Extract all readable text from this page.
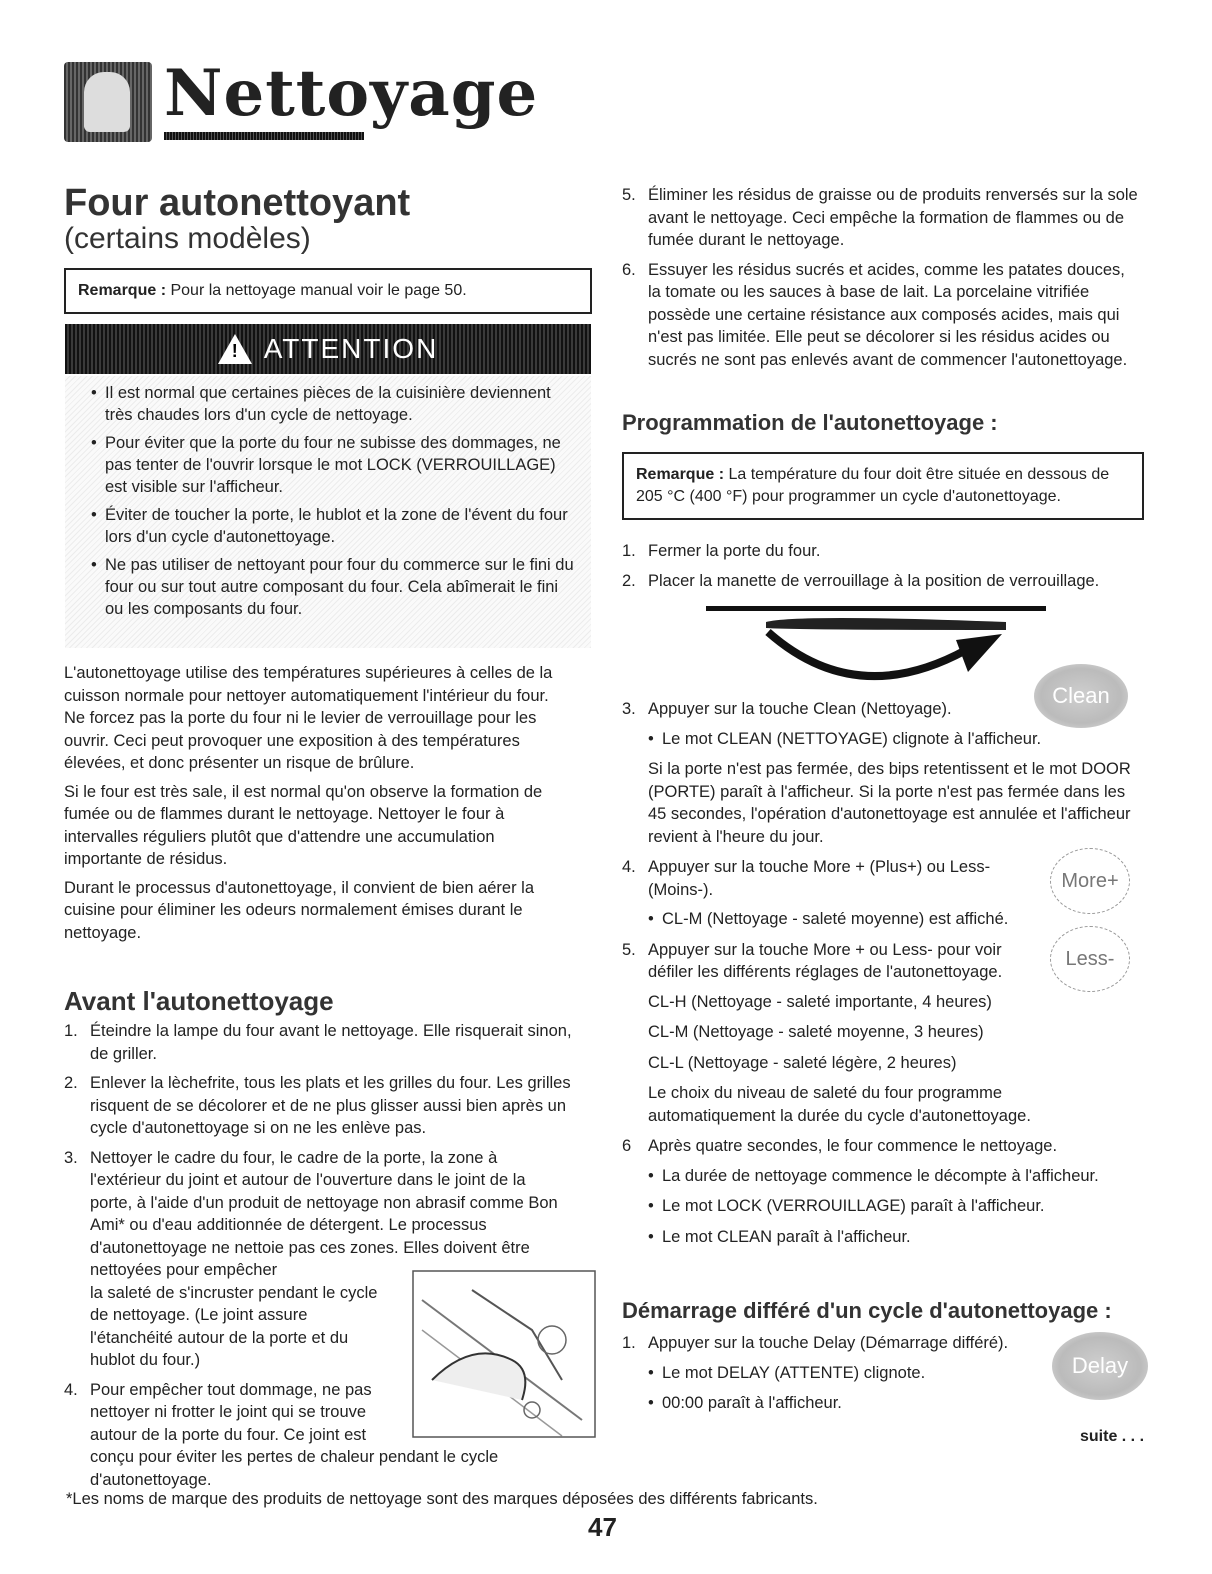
Nettoyage
Four autonettoyant
(certains modèles)
Remarque : Pour la nettoyage manual voir le page 50.
!
ATTENTION
• Il est normal que certaines pièces de la cuisinière deviennent très chaudes lors d'un cycle de nettoyage.
• Pour éviter que la porte du four ne subisse des dommages, ne pas tenter de l'ouvrir lorsque le mot LOCK (VERROUILLAGE) est visible sur l'afficheur.
• Éviter de toucher la porte, le hublot et la zone de l'évent du four lors d'un cycle d'autonettoyage.
• Ne pas utiliser de nettoyant pour four du commerce sur le fini du four ou sur tout autre composant du four. Cela abîmerait le fini ou les composants du four.

L'autonettoyage utilise des températures supérieures à celles de la cuisson normale pour nettoyer automatiquement l'intérieur du four. Ne forcez pas la porte du four ni le levier de verrouillage pour les ouvrir. Ceci peut provoquer une exposition à des températures élevées, et donc présenter un risque de brûlure.

Si le four est très sale, il est normal qu'on observe la formation de fumée ou de flammes durant le nettoyage. Nettoyer le four à intervalles réguliers plutôt que d'attendre une accumulation importante de résidus.

Durant le processus d'autonettoyage, il convient de bien aérer la cuisine pour éliminer les odeurs normalement émises durant le nettoyage.

Avant l'autonettoyage
1. Éteindre la lampe du four avant le nettoyage. Elle risquerait sinon, de griller.
2. Enlever la lèchefrite, tous les plats et les grilles du four. Les grilles risquent de se décolorer et de ne plus glisser aussi bien après un cycle d'autonettoyage si on ne les enlève pas.
3. Nettoyer le cadre du four, le cadre de la porte, la zone à l'extérieur du joint et autour de l'ouverture dans le joint de la porte, à l'aide d'un produit de nettoyage non abrasif comme Bon Ami* ou d'eau additionnée de détergent. Le processus d'autonettoyage ne nettoie pas ces zones. Elles doivent être nettoyées pour empêcher
la saleté de s'incruster pendant le cycle de nettoyage. (Le joint assure l'étanchéité autour de la porte et du hublot du four.)
4. Pour empêcher tout dommage, ne pas nettoyer ni frotter le joint qui se trouve autour de la porte du four. Ce joint est
conçu pour éviter les pertes de chaleur pendant le cycle d'autonettoyage.
5. Éliminer les résidus de graisse ou de produits renversés sur la sole avant le nettoyage. Ceci empêche la formation de flammes ou de fumée durant le nettoyage.
6. Essuyer les résidus sucrés et acides, comme les patates douces, la tomate ou les sauces à base de lait. La porcelaine vitrifiée possède une certaine résistance aux composés acides, mais qui n'est pas limitée. Elle peut se décolorer si les résidus acides ou sucrés ne sont pas enlevés avant de commencer l'autonettoyage.
Programmation de l'autonettoyage :
Remarque : La température du four doit être située en dessous de 205 °C (400 °F) pour programmer un cycle d'autonettoyage.
1. Fermer la porte du four.
2. Placer la manette de verrouillage à la position de verrouillage.
3. Appuyer sur la touche Clean (Nettoyage).
• Le mot CLEAN (NETTOYAGE) clignote à l'afficheur.
Si la porte n'est pas fermée, des bips retentissent et le mot DOOR (PORTE) paraît à l'afficheur. Si la porte n'est pas fermée dans les 45 secondes, l'opération d'autonettoyage est annulée et l'afficheur revient à l'heure du jour.
4. Appuyer sur la touche More + (Plus+) ou Less- (Moins-).
• CL-M (Nettoyage - saleté moyenne) est affiché.
5. Appuyer sur la touche More + ou Less- pour voir défiler les différents réglages de l'autonettoyage.
CL-H (Nettoyage - saleté importante, 4 heures)
CL-M (Nettoyage - saleté moyenne, 3 heures)
CL-L (Nettoyage - saleté légère, 2 heures)
Le choix du niveau de saleté du four programme automatiquement la durée du cycle d'autonettoyage.
6 Après quatre secondes, le four commence le nettoyage.
• La durée de nettoyage commence le décompte à l'afficheur.
• Le mot LOCK (VERROUILLAGE) paraît à l'afficheur.
• Le mot CLEAN paraît à l'afficheur.
Démarrage différé d'un cycle d'autonettoyage :
1. Appuyer sur la touche Delay (Démarrage différé).
• Le mot DELAY (ATTENTE) clignote.
• 00:00 paraît à l'afficheur.
Clean
More+
Less-
Delay
suite . . .
*Les noms de marque des produits de nettoyage sont des marques déposées des différents fabricants.
47
